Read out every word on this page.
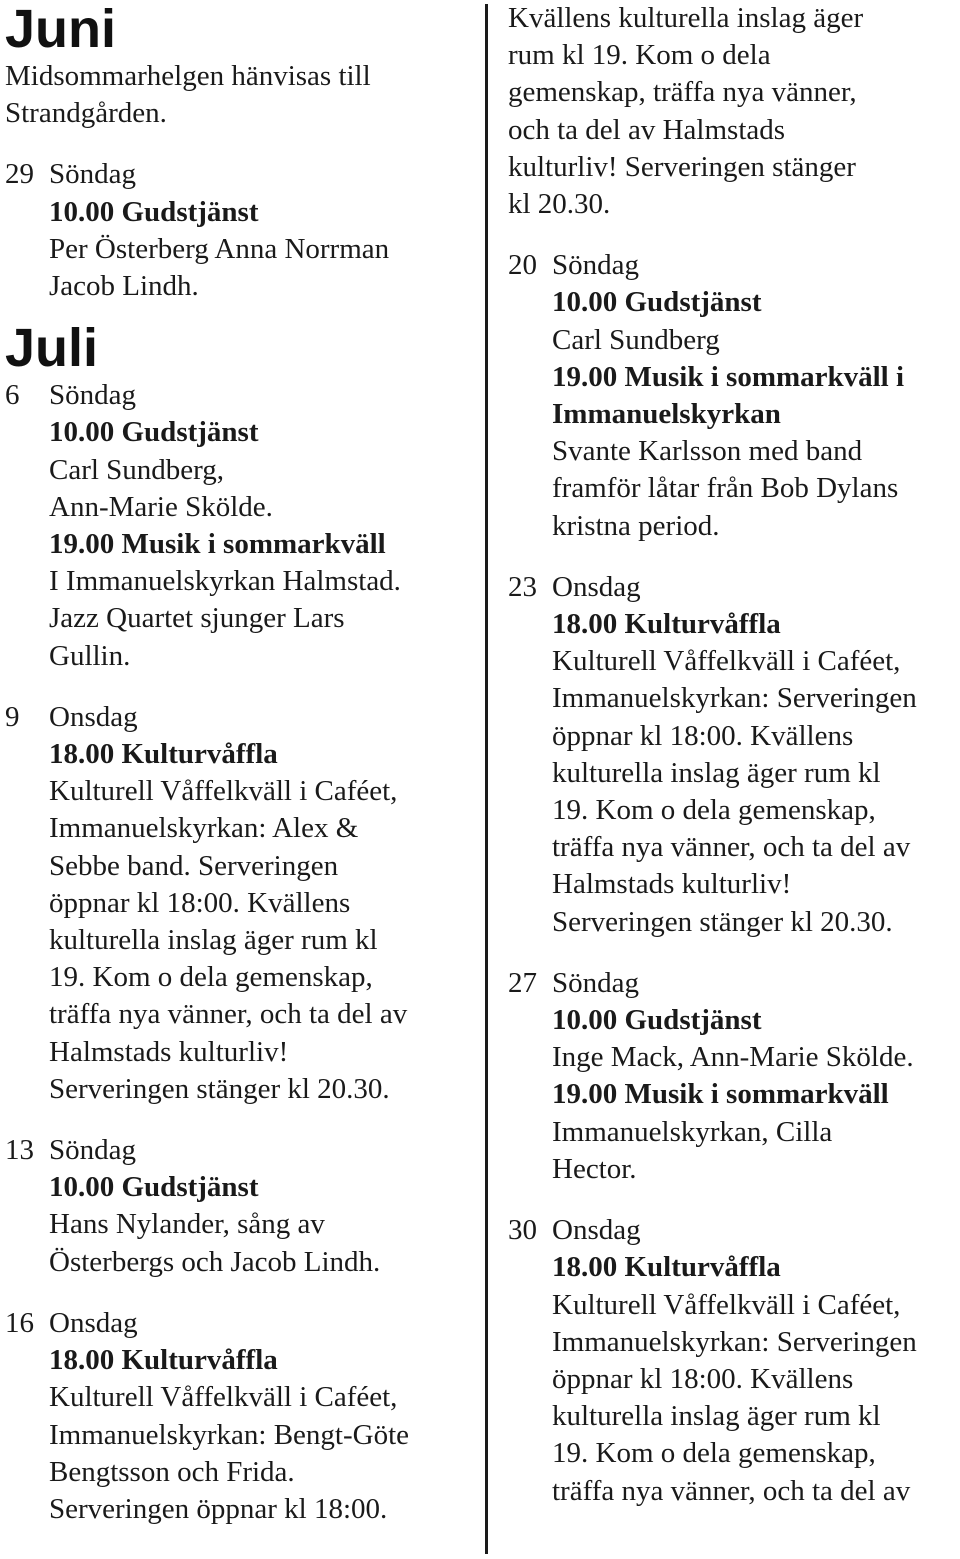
Juni
Midsommarhelgen hänvisas till
Strandgården.
29 Söndag
10.00 Gudstjänst
Per Österberg Anna Norrman
Jacob Lindh.
Juli
6	Söndag
10.00 Gudstjänst
Carl Sundberg,
Ann-Marie Skölde.
19.00 Musik i sommarkväll
I Immanuelskyrkan Halmstad.
Jazz Quartet sjunger Lars
Gullin.
9	Onsdag
18.00 Kulturvåffla
Kulturell Våffelkväll i Caféet,
Immanuelskyrkan: Alex &
Sebbe band. Serveringen
öppnar kl 18:00. Kvällens
kulturella inslag äger rum kl
19. Kom o dela gemenskap,
träffa nya vänner, och ta del av
Halmstads kulturliv!
Serveringen stänger kl 20.30.
13 Söndag
10.00 Gudstjänst
Hans Nylander, sång av
Österbergs och Jacob Lindh.
16 Onsdag
18.00 Kulturvåffla
Kulturell Våffelkväll i Caféet,
Immanuelskyrkan: Bengt-Göte
Bengtsson och Frida.
Serveringen öppnar kl 18:00.
Kvällens kulturella inslag äger
rum kl 19. Kom o dela
gemenskap, träffa nya vänner,
och ta del av Halmstads
kulturliv! Serveringen stänger
kl 20.30.
20 Söndag
10.00 Gudstjänst
Carl Sundberg
19.00 Musik i sommarkväll i
Immanuelskyrkan
Svante Karlsson med band
framför låtar från Bob Dylans
kristna period.
23 Onsdag
18.00 Kulturvåffla
Kulturell Våffelkväll i Caféet,
Immanuelskyrkan: Serveringen
öppnar kl 18:00. Kvällens
kulturella inslag äger rum kl
19. Kom o dela gemenskap,
träffa nya vänner, och ta del av
Halmstads kulturliv!
Serveringen stänger kl 20.30.
27 Söndag
10.00 Gudstjänst
Inge Mack, Ann-Marie Skölde.
19.00 Musik i sommarkväll
Immanuelskyrkan, Cilla
Hector.
30 Onsdag
18.00 Kulturvåffla
Kulturell Våffelkväll i Caféet,
Immanuelskyrkan: Serveringen
öppnar kl 18:00. Kvällens
kulturella inslag äger rum kl
19. Kom o dela gemenskap,
träffa nya vänner, och ta del av
